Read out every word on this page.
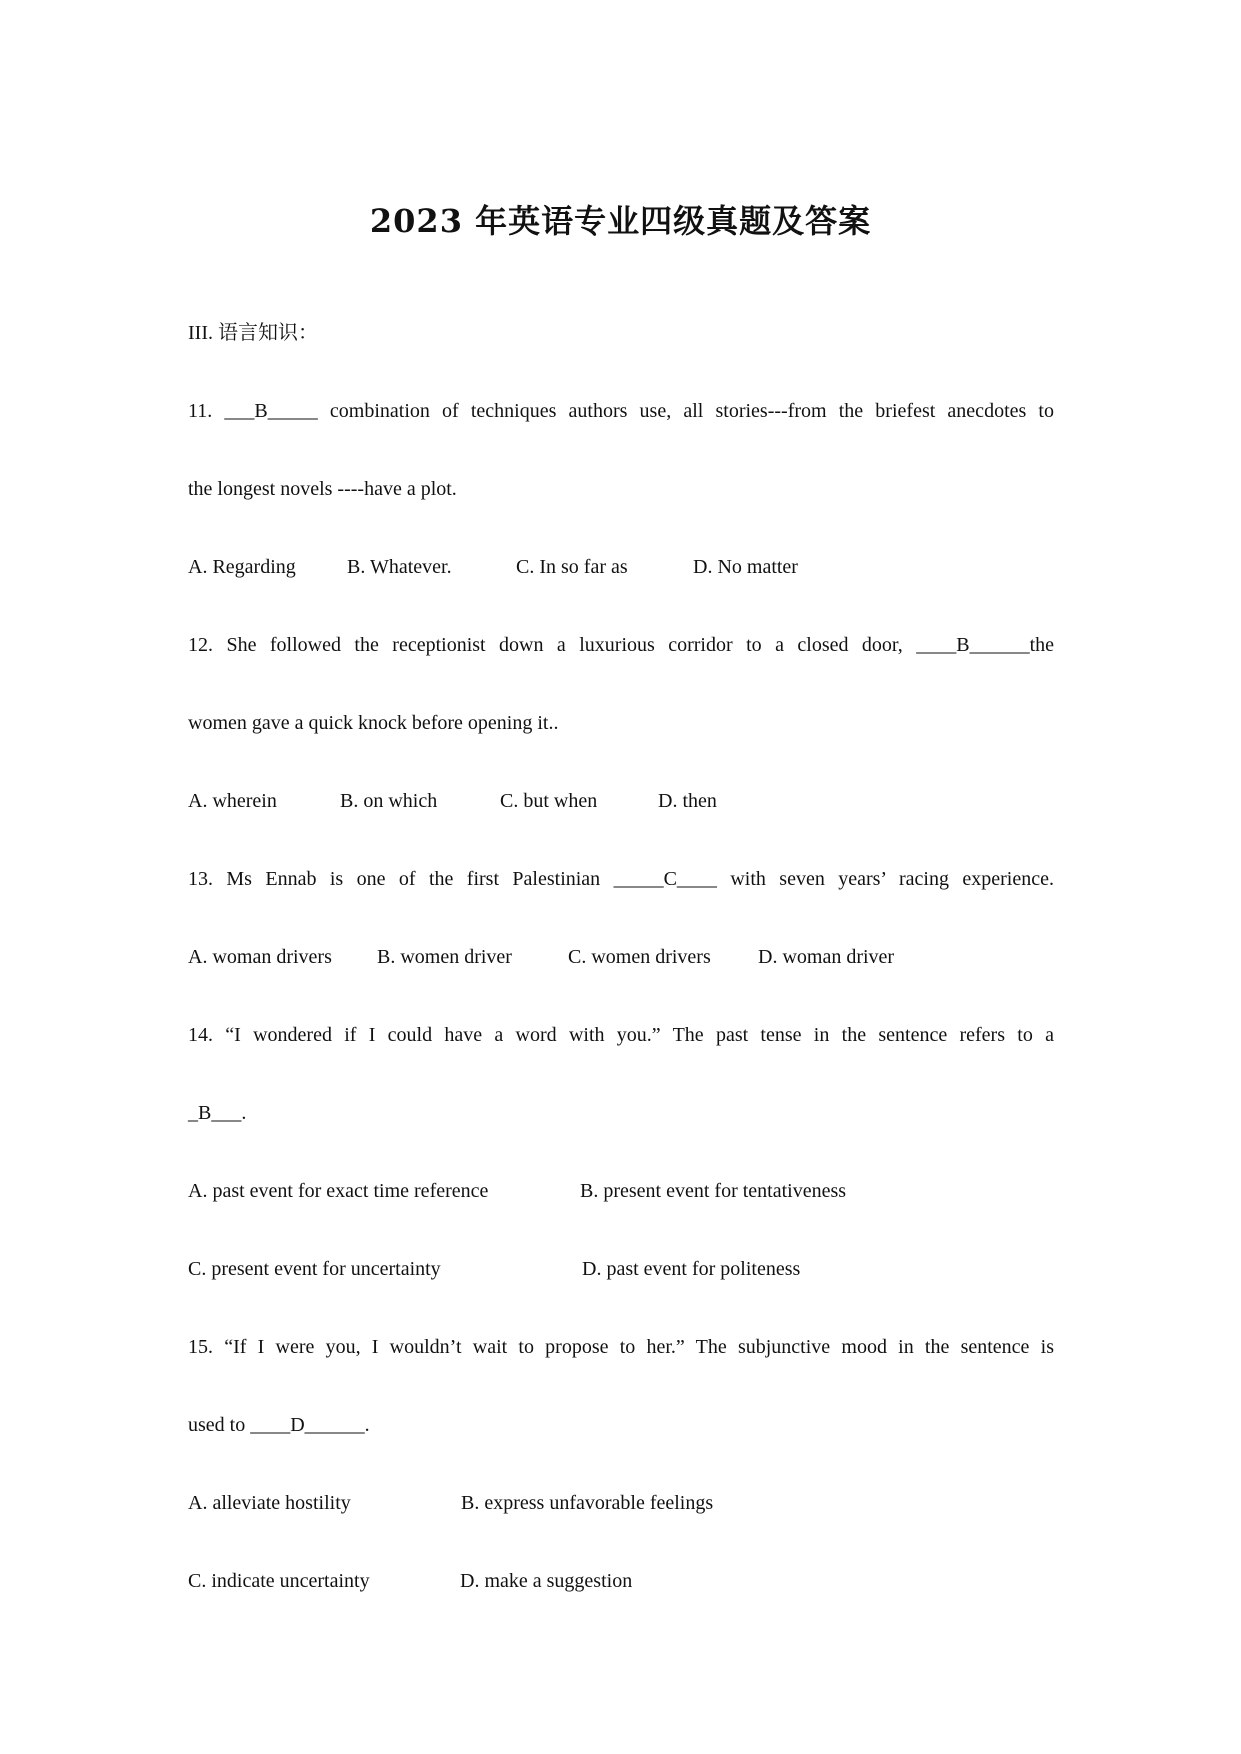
2023 年英语专业四级真题及答案
III. 语言知识：
11. ___B_____ combination of techniques authors use, all stories---from the briefest anecdotes to
the longest novels ----have a plot.
A. Regarding	B. Whatever.	C. In so far as	D. No matter
12. She followed the receptionist down a luxurious corridor to a closed door, ____B______the
women gave a quick knock before opening it..
A. wherein	B. on which	C. but when	D. then
13. Ms Ennab is one of the first Palestinian _____C____ with seven years’ racing experience.
A. woman drivers B. women driver	C. women drivers D. woman driver
14. “I wondered if I could have a word with you.” The past tense in the sentence refers to a
_B___.
A. past event for exact time reference	B. present event for tentativeness
C. present event for uncertainty	D. past event for politeness
15. “If I were you, I wouldn’t wait to propose to her.” The subjunctive mood in the sentence is
used to ____D______.
A. alleviate hostility	B. express unfavorable feelings
C. indicate uncertainty	D. make a suggestion
